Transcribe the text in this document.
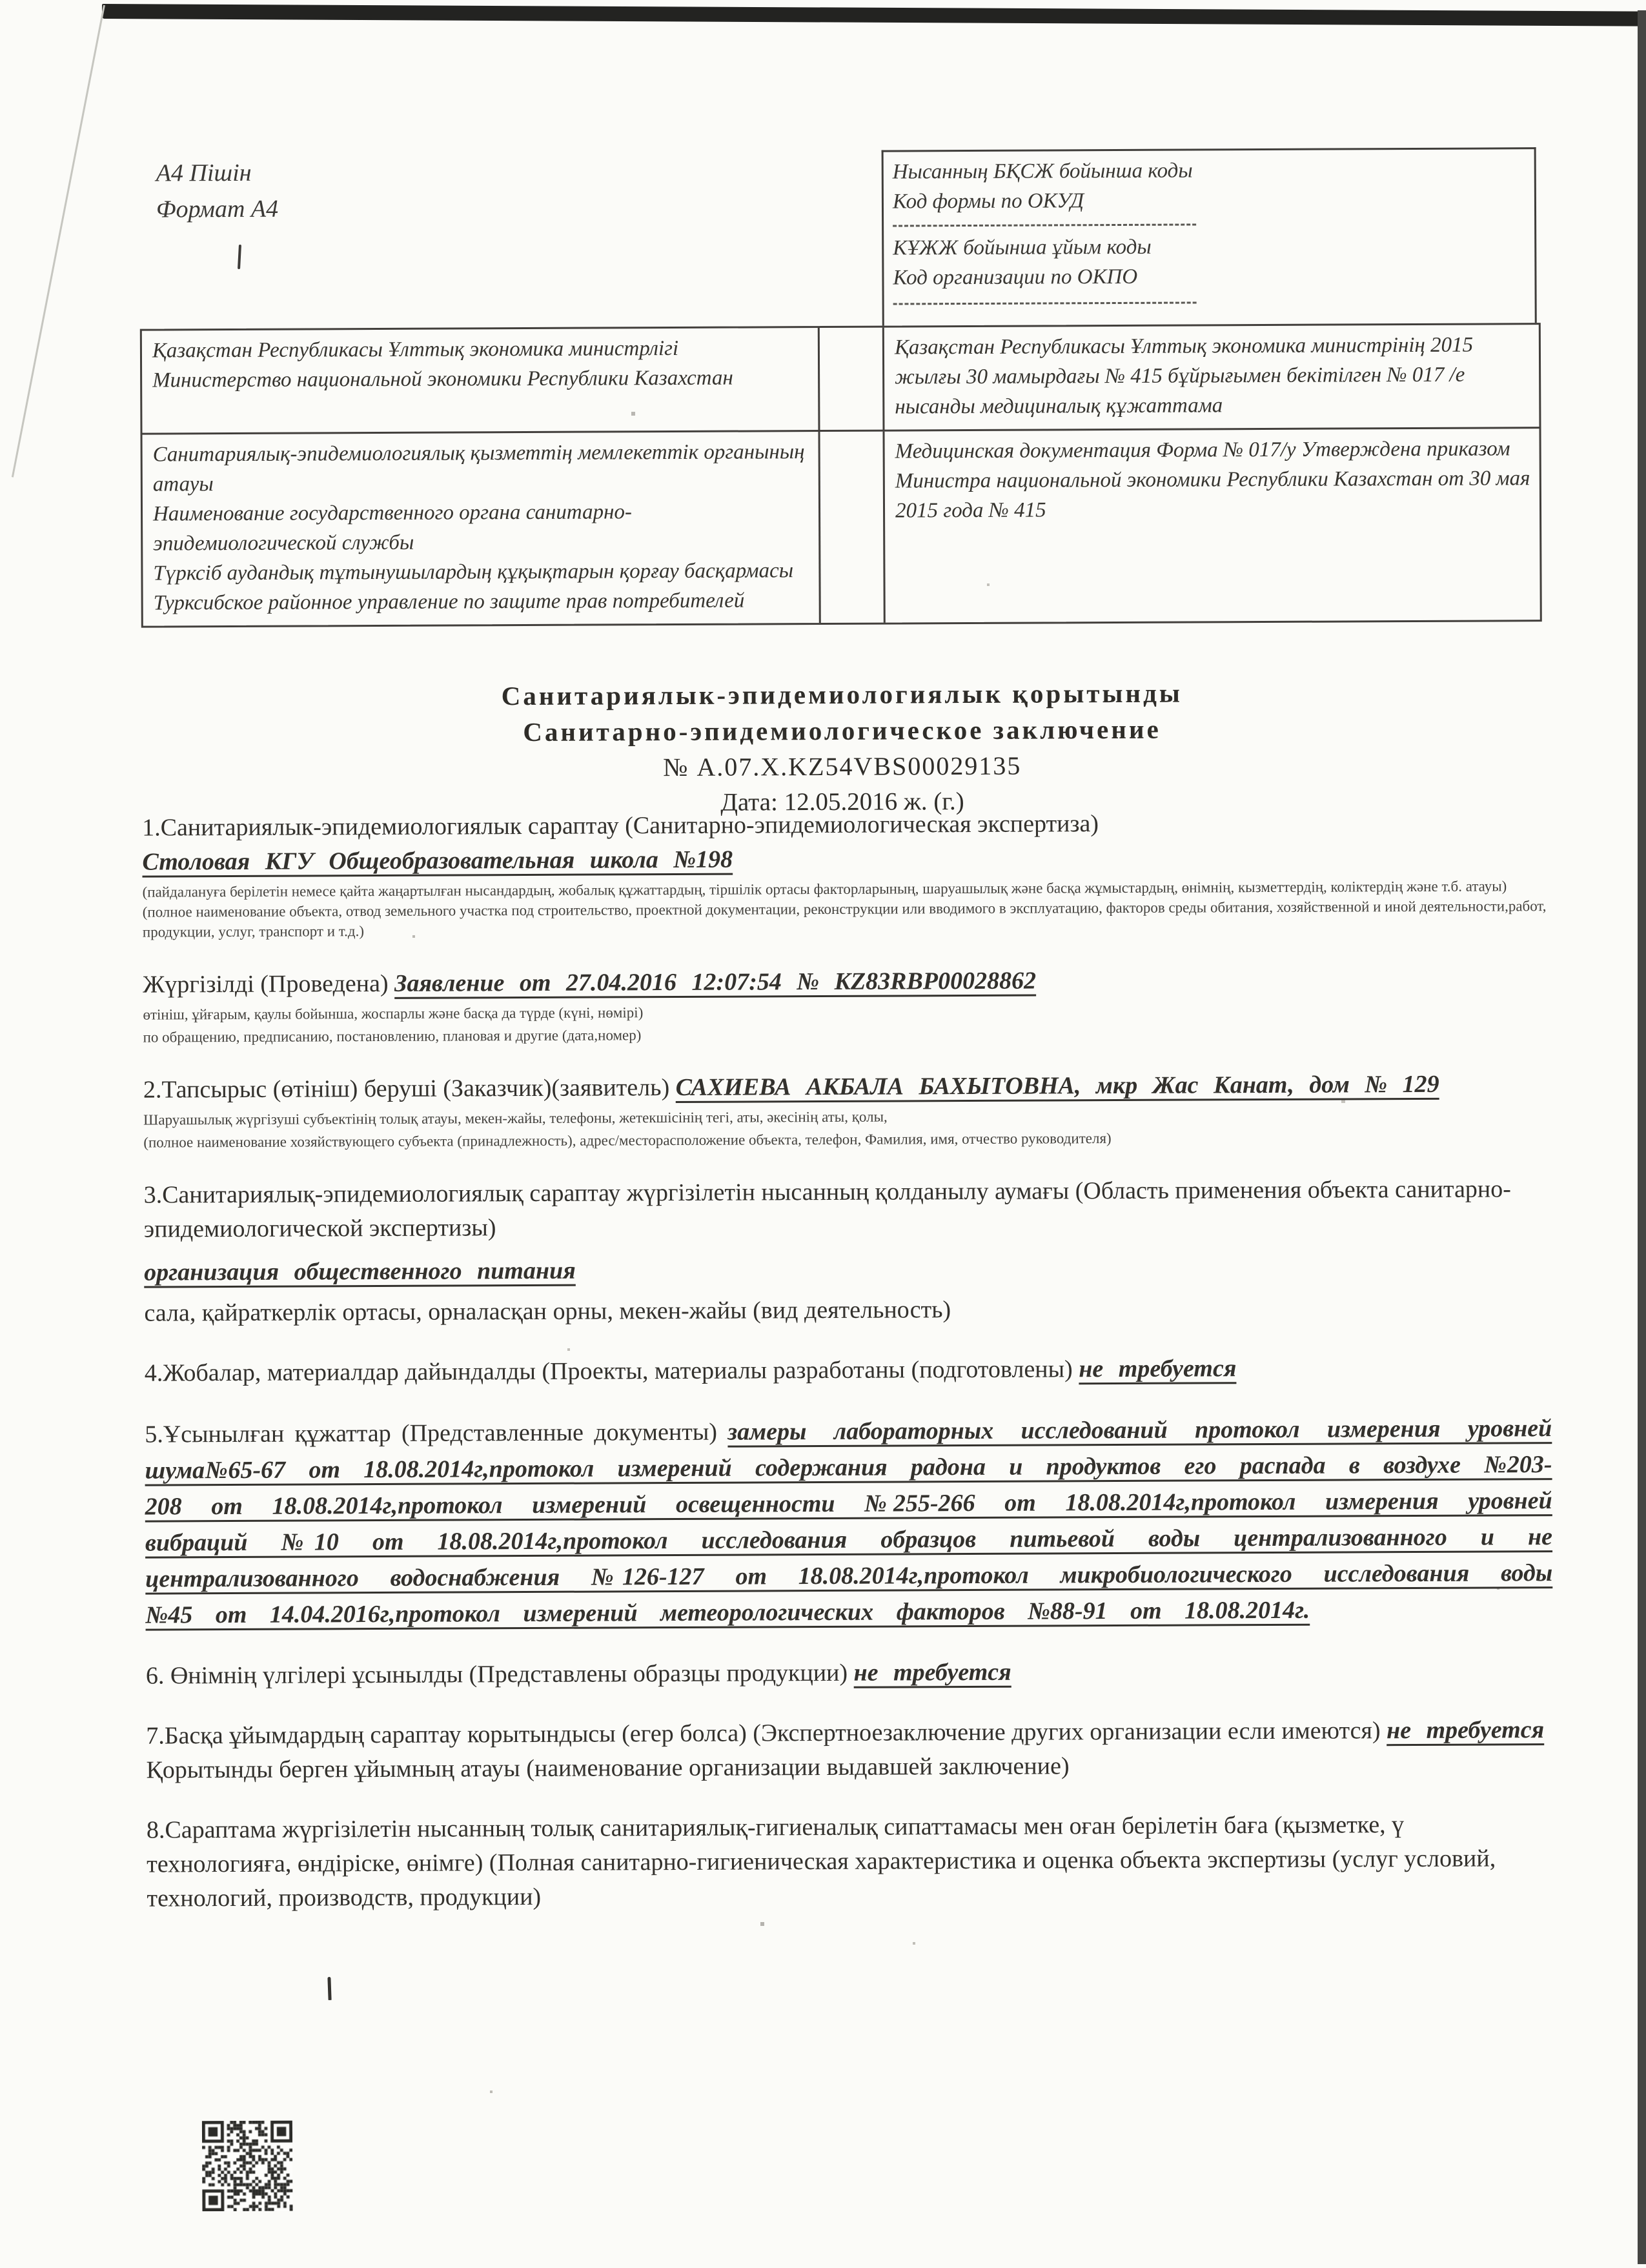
А4 Пішін
Формат А4
Нысанның БҚСЖ бойынша коды
Код формы по ОКУД
КҰЖЖ бойынша ұйым коды
Код организации по ОКПО
Қазақстан Республикасы Ұлттық экономика министрлігі
Министерство национальной экономики Республики Казахстан
Қазақстан Республикасы Ұлттық экономика министрінің 2015 жылғы 30 мамырдағы № 415 бұйрығымен бекітілген № 017 /е нысанды медициналық құжаттама
Санитариялық-эпидемиологиялық қызметтің мемлекеттік органының атауы
Наименование государственного органа санитарно-эпидемиологической службы
Түрксіб аудандық тұтынушылардың құқықтарын қорғау басқармасы
Турксибское районное управление по защите прав потребителей
Медицинская документация Форма № 017/у Утверждена приказом Министра национальной экономики Республики Казахстан от 30 мая 2015 года № 415
Санитариялык-эпидемиологиялык қорытынды
Санитарно-эпидемиологическое заключение
№ А.07.Х.KZ54VBS00029135
Дата: 12.05.2016 ж. (г.)

1.Санитариялык-эпидемиологиялык сараптау (Санитарно-эпидемиологическая экспертиза)

Столовая КГУ Общеобразовательная школа №198

(пайдалануға берілетін немесе қайта жаңартылған нысандардың, жобалық құжаттардың, тіршілік ортасы факторларының, шаруашылық және басқа жұмыстардың, өнімнің, кызметтердің, коліктердің және т.б. атауы) (полное наименование объекта, отвод земельного участка под строительство, проектной документации, реконструкции или вводимого в эксплуатацию, факторов среды обитания, хозяйственной и иной деятельности,работ, продукции, услуг, транспорт и т.д.)

Жүргізілді (Проведена) Заявление от 27.04.2016 12:07:54 № KZ83RBP00028862

өтініш, ұйғарым, қаулы бойынша, жоспарлы және басқа да түрде (күні, нөмірі)

по обращению, предписанию, постановлению, плановая и другие (дата,номер)

2.Тапсырыс (өтініш) беруші (Заказчик)(заявитель) САХИЕВА АКБАЛА БАХЫТОВНА, мкр Жас Канат, дом № 129

Шаруашылық жүргізуші субъектінің толық атауы, мекен-жайы, телефоны, жетекшісінің тегі, аты, әкесінің аты, қолы,

(полное наименование хозяйствующего субъекта (принадлежность), адрес/месторасположение объекта, телефон, Фамилия, имя, отчество руководителя)

3.Санитариялық-эпидемиологиялық сараптау жүргізілетін нысанның қолданылу аумағы (Область применения объекта санитарно-эпидемиологической экспертизы)

организация общественного питания

сала, қайраткерлік ортасы, орналасқан орны, мекен-жайы (вид деятельность)

4.Жобалар, материалдар дайындалды (Проекты, материалы разработаны (подготовлены) не требуется

5.Ұсынылған құжаттар (Представленные документы) замеры лабораторных исследований протокол измерения уровней шума№65-67 от 18.08.2014г,протокол измерений содержания радона и продуктов его распада в воздухе №203-208 от 18.08.2014г,протокол измерений освещенности №255-266 от 18.08.2014г,протокол измерения уровней вибраций №10 от 18.08.2014г,протокол исследования образцов питьевой воды централизованного и не централизованного водоснабжения №126-127 от 18.08.2014г,протокол микробиологического исследования воды №45 от 14.04.2016г,протокол измерений метеорологических факторов №88-91 от 18.08.2014г.

6. Өнімнің үлгілері ұсынылды (Представлены образцы продукции) не требуется

7.Басқа ұйымдардың сараптау корытындысы (егер болса) (Экспертноезаключение других организации если имеются) не требуется

Қорытынды берген ұйымның атауы (наименование организации выдавшей заключение)

8.Сараптама жүргізілетін нысанның толық санитариялық-гигиеналық сипаттамасы мен оған берілетін баға (қызметке, ү технологияға, өндіріске, өнімге) (Полная санитарно-гигиеническая характеристика и оценка объекта экспертизы (услуг условий, технологий, производств, продукции)
